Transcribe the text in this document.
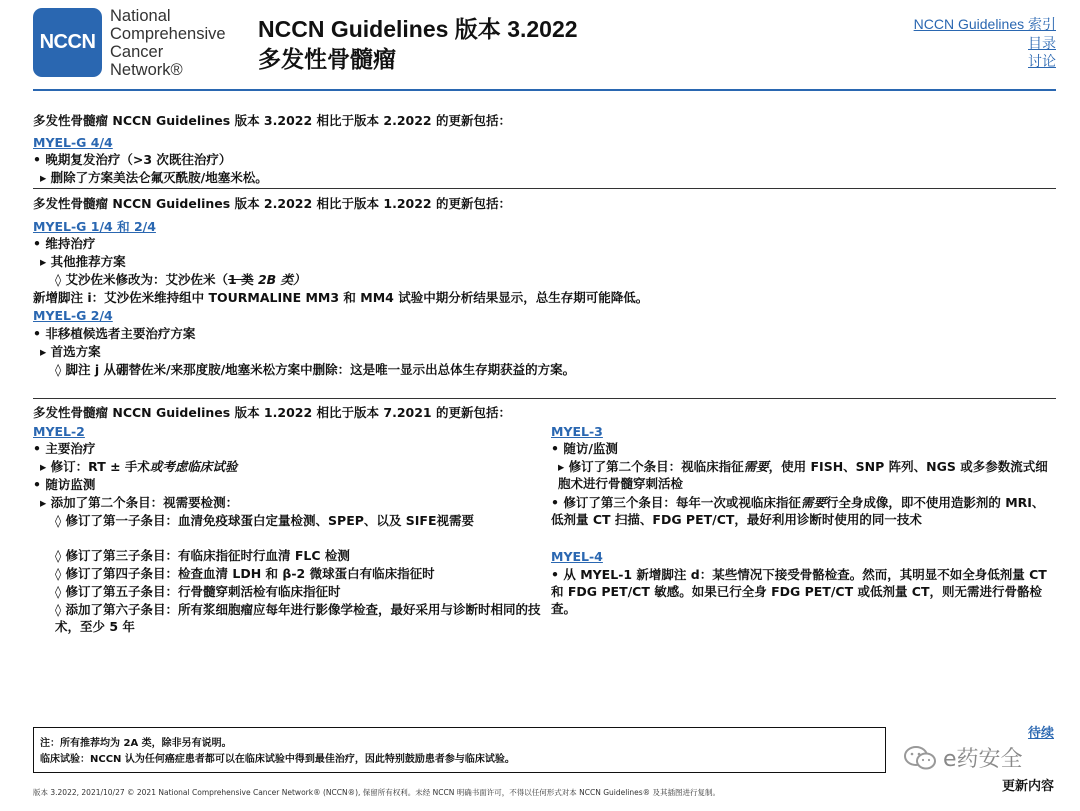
NCCN
National
Comprehensive
Cancer
Network®
NCCN Guidelines 版本 3.2022
多发性骨髓瘤
NCCN Guidelines 索引
目录
讨论
多发性骨髓瘤 NCCN Guidelines 版本 3.2022 相比于版本 2.2022 的更新包括：
MYEL-G 4/4
• 晚期复发治疗（>3 次既往治疗）
▸ 删除了方案美法仑氟灭酰胺/地塞米松。
多发性骨髓瘤 NCCN Guidelines 版本 2.2022 相比于版本 1.2022 的更新包括：
MYEL-G 1/4 和 2/4
• 维持治疗
▸ 其他推荐方案
◊ 艾沙佐米修改为：艾沙佐米（1 类 2B 类）
新增脚注 i：艾沙佐米维持组中 TOURMALINE MM3 和 MM4 试验中期分析结果显示，总生存期可能降低。
MYEL-G 2/4
• 非移植候选者主要治疗方案
▸ 首选方案
◊ 脚注 j 从硼替佐米/来那度胺/地塞米松方案中删除：这是唯一显示出总体生存期获益的方案。
多发性骨髓瘤 NCCN Guidelines 版本 1.2022 相比于版本 7.2021 的更新包括：
MYEL-2
• 主要治疗
▸ 修订：RT ± 手术或考虑临床试验
• 随访监测
▸ 添加了第二个条目：视需要检测：
◊ 修订了第一子条目：血清免疫球蛋白定量检测、SPEP、以及 SIFE视需要
◊ 修订了第三子条目：有临床指征时行血清 FLC 检测
◊ 修订了第四子条目：检查血清 LDH 和 β-2 微球蛋白有临床指征时
◊ 修订了第五子条目：行骨髓穿刺活检有临床指征时
◊ 添加了第六子条目：所有浆细胞瘤应每年进行影像学检查，最好采用与诊断时相同的技术，至少 5 年
MYEL-3
• 随访/监测
▸ 修订了第二个条目：视临床指征需要，使用 FISH、SNP 阵列、NGS 或多参数流式细胞术进行骨髓穿刺活检
• 修订了第三个条目：每年一次或视临床指征需要行全身成像，即不使用造影剂的 MRI、低剂量 CT 扫描、FDG PET/CT，最好利用诊断时使用的同一技术
MYEL-4
• 从 MYEL-1 新增脚注 d：某些情况下接受骨骼检查。然而，其明显不如全身低剂量 CT 和 FDG PET/CT 敏感。如果已行全身 FDG PET/CT 或低剂量 CT，则无需进行骨骼检查。
待续
注：所有推荐均为 2A 类，除非另有说明。
临床试验：NCCN 认为任何癌症患者都可以在临床试验中得到最佳治疗，因此特别鼓励患者参与临床试验。	e药安全
更新内容
版本 3.2022, 2021/10/27 © 2021 National Comprehensive Cancer Network® (NCCN®), 保留所有权利。未经 NCCN 明确书面许可，不得以任何形式对本 NCCN Guidelines® 及其插图进行复制。
